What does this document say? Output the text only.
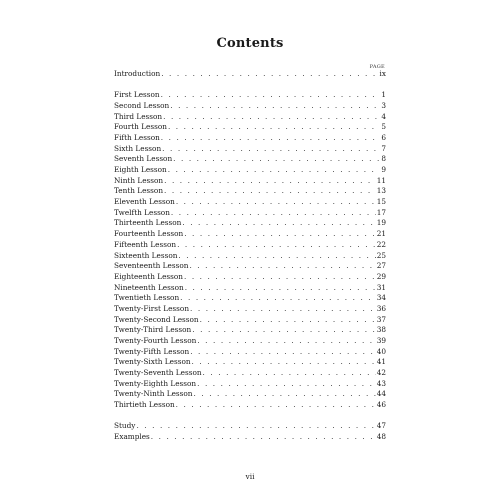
Contents
PAGE
Introduction . . .	ix
First Lesson . . .	1
Second Lesson . . .	3
Third Lesson . . .	4
Fourth Lesson . . .	5
Fifth Lesson . . .	6
Sixth Lesson . . .	7
Seventh Lesson . . .	8
Eighth Lesson . . .	9
Ninth Lesson . . .	11
Tenth Lesson . . .	13
Eleventh Lesson . . .	15
Twelfth Lesson . . .	17
Thirteenth Lesson . . .	19
Fourteenth Lesson . . .	21
Fifteenth Lesson . . .	22
Sixteenth Lesson . . .	25
Seventeenth Lesson . . .	27
Eighteenth Lesson . . .	29
Nineteenth Lesson . . .	31
Twentieth Lesson . . .	34
Twenty-First Lesson . . .	36
Twenty-Second Lesson . . .	37
Twenty-Third Lesson . . .	38
Twenty-Fourth Lesson . . .	39
Twenty-Fifth Lesson . . .	40
Twenty-Sixth Lesson . . .	41
Twenty-Seventh Lesson . . .	42
Twenty-Eighth Lesson . . .	43
Twenty-Ninth Lesson . . .	44
Thirtieth Lesson . . .	46
Study . . .	47
Examples . . .	48
vii
